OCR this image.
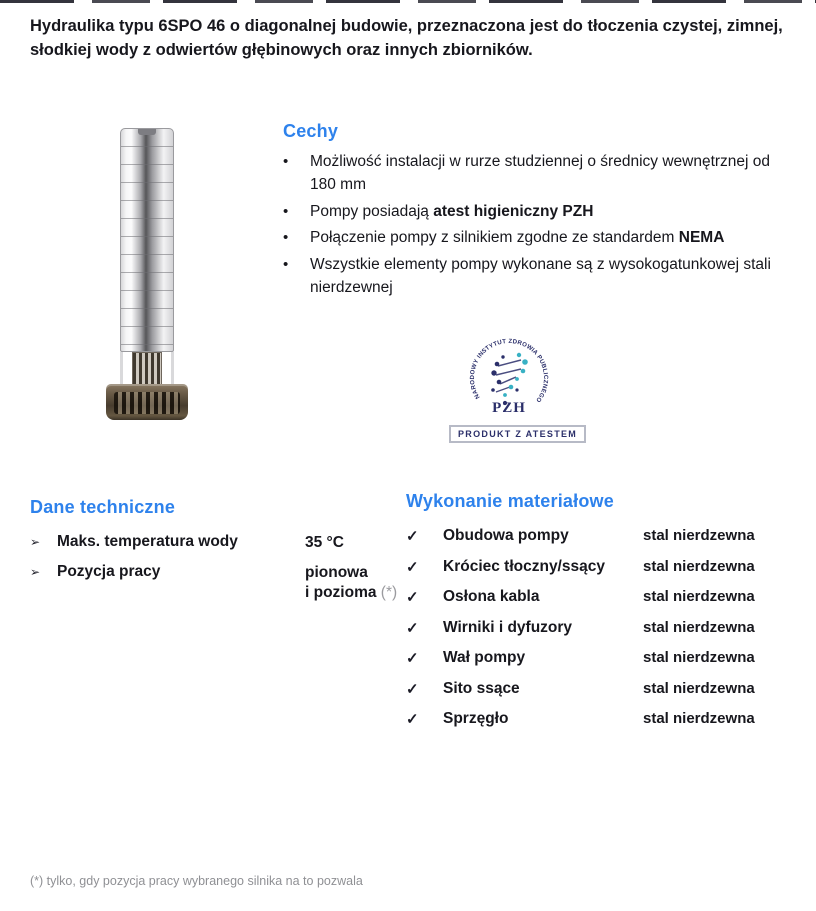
Hydraulika typu 6SPO 46 o diagonalnej budowie, przeznaczona jest do tłoczenia czystej, zimnej, słodkiej wody z odwiertów głębinowych oraz innych zbiorników.

Cechy
•	Możliwość instalacji w rurze studziennej o średnicy wewnętrznej od 180 mm

•	Pompy posiadają atest higieniczny PZH

•	Połączenie pompy z silnikiem zgodne ze standardem NEMA

•	Wszystkie elementy pompy wykonane są z wysokogatunkowej stali nierdzewnej

NARODOWY INSTYTUT ZDROWIA PUBLICZNEGO
PZH
PRODUKT Z ATESTEM
Dane techniczne
➢	Maks. temperatura wody	35 °C
➢	Pozycja pracy	pionowa
i pozioma (*)
Wykonanie materiałowe
✓	Obudowa pompy	stal nierdzewna
✓	Króciec tłoczny/ssący	stal nierdzewna
✓	Osłona kabla	stal nierdzewna
✓	Wirniki i dyfuzory	stal nierdzewna
✓	Wał pompy	stal nierdzewna
✓	Sito ssące	stal nierdzewna
✓	Sprzęgło	stal nierdzewna

(*) tylko, gdy pozycja pracy wybranego silnika na to pozwala
